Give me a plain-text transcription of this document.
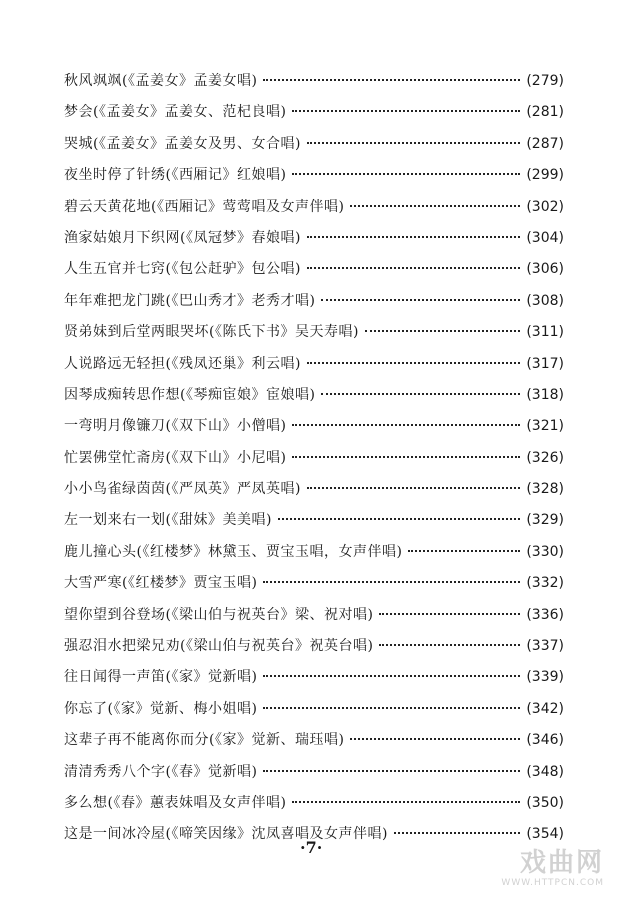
秋风飒飒(《孟姜女》孟姜女唱)	(279)
梦会(《孟姜女》孟姜女、范杞良唱)	(281)
哭城(《孟姜女》孟姜女及男、女合唱)	(287)
夜坐时停了针绣(《西厢记》红娘唱)	(299)
碧云天黄花地(《西厢记》莺莺唱及女声伴唱)	(302)
渔家姑娘月下织网(《凤冠梦》春娘唱)	(304)
人生五官并七窍(《包公赶驴》包公唱)	(306)
年年难把龙门跳(《巴山秀才》老秀才唱)	(308)
贤弟妹到后堂两眼哭坏(《陈氏下书》吴天寿唱)	(311)
人说路远无轻担(《残凤还巢》利云唱)	(317)
因琴成痴转思作想(《琴痴宦娘》宦娘唱)	(318)
一弯明月像镰刀(《双下山》小僧唱)	(321)
忙罢佛堂忙斋房(《双下山》小尼唱)	(326)
小小鸟雀绿茵茵(《严凤英》严凤英唱)	(328)
左一划来右一划(《甜妹》美美唱)	(329)
鹿儿撞心头(《红楼梦》林黛玉、贾宝玉唱，女声伴唱)	(330)
大雪严寒(《红楼梦》贾宝玉唱)	(332)
望你望到谷登场(《梁山伯与祝英台》梁、祝对唱)	(336)
强忍泪水把梁兄劝(《梁山伯与祝英台》祝英台唱)	(337)
往日闻得一声笛(《家》觉新唱)	(339)
你忘了(《家》觉新、梅小姐唱)	(342)
这辈子再不能离你而分(《家》觉新、瑞珏唱)	(346)
清清秀秀八个字(《春》觉新唱)	(348)
多么想(《春》蕙表妹唱及女声伴唱)	(350)
这是一间冰冷屋(《啼笑因缘》沈凤喜唱及女声伴唱)	(354)
·7·
戏曲网
WWW.HTTPCN.COM
